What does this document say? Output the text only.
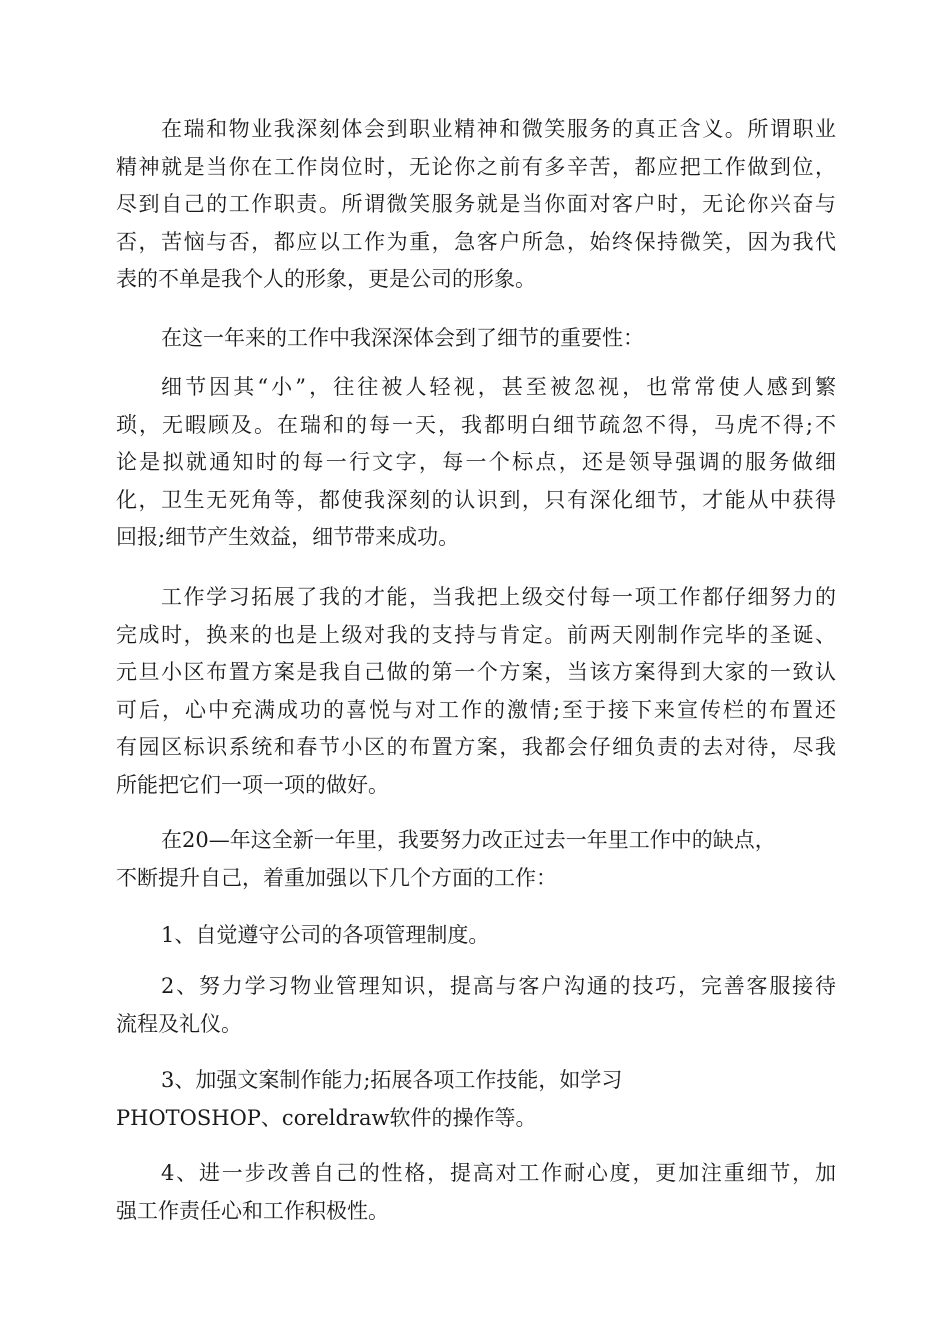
在瑞和物业我深刻体会到职业精神和微笑服务的真正含义。所谓职业
精神就是当你在工作岗位时，无论你之前有多辛苦，都应把工作做到位，
尽到自己的工作职责。所谓微笑服务就是当你面对客户时，无论你兴奋与
否，苦恼与否，都应以工作为重，急客户所急，始终保持微笑，因为我代
表的不单是我个人的形象，更是公司的形象。

在这一年来的工作中我深深体会到了细节的重要性：

细节因其“小”，往往被人轻视，甚至被忽视，也常常使人感到繁
琐，无暇顾及。在瑞和的每一天，我都明白细节疏忽不得，马虎不得;不
论是拟就通知时的每一行文字，每一个标点，还是领导强调的服务做细
化，卫生无死角等，都使我深刻的认识到，只有深化细节，才能从中获得
回报;细节产生效益，细节带来成功。

工作学习拓展了我的才能，当我把上级交付每一项工作都仔细努力的
完成时，换来的也是上级对我的支持与肯定。前两天刚制作完毕的圣诞、
元旦小区布置方案是我自己做的第一个方案，当该方案得到大家的一致认
可后，心中充满成功的喜悦与对工作的激情;至于接下来宣传栏的布置还
有园区标识系统和春节小区的布置方案，我都会仔细负责的去对待，尽我
所能把它们一项一项的做好。

在20—年这全新一年里，我要努力改正过去一年里工作中的缺点，
不断提升自己，着重加强以下几个方面的工作：

1、自觉遵守公司的各项管理制度。

2、努力学习物业管理知识，提高与客户沟通的技巧，完善客服接待
流程及礼仪。

3、加强文案制作能力;拓展各项工作技能，如学习
PHOTOSHOP、coreldraw软件的操作等。

4、进一步改善自己的性格，提高对工作耐心度，更加注重细节，加
强工作责任心和工作积极性。
